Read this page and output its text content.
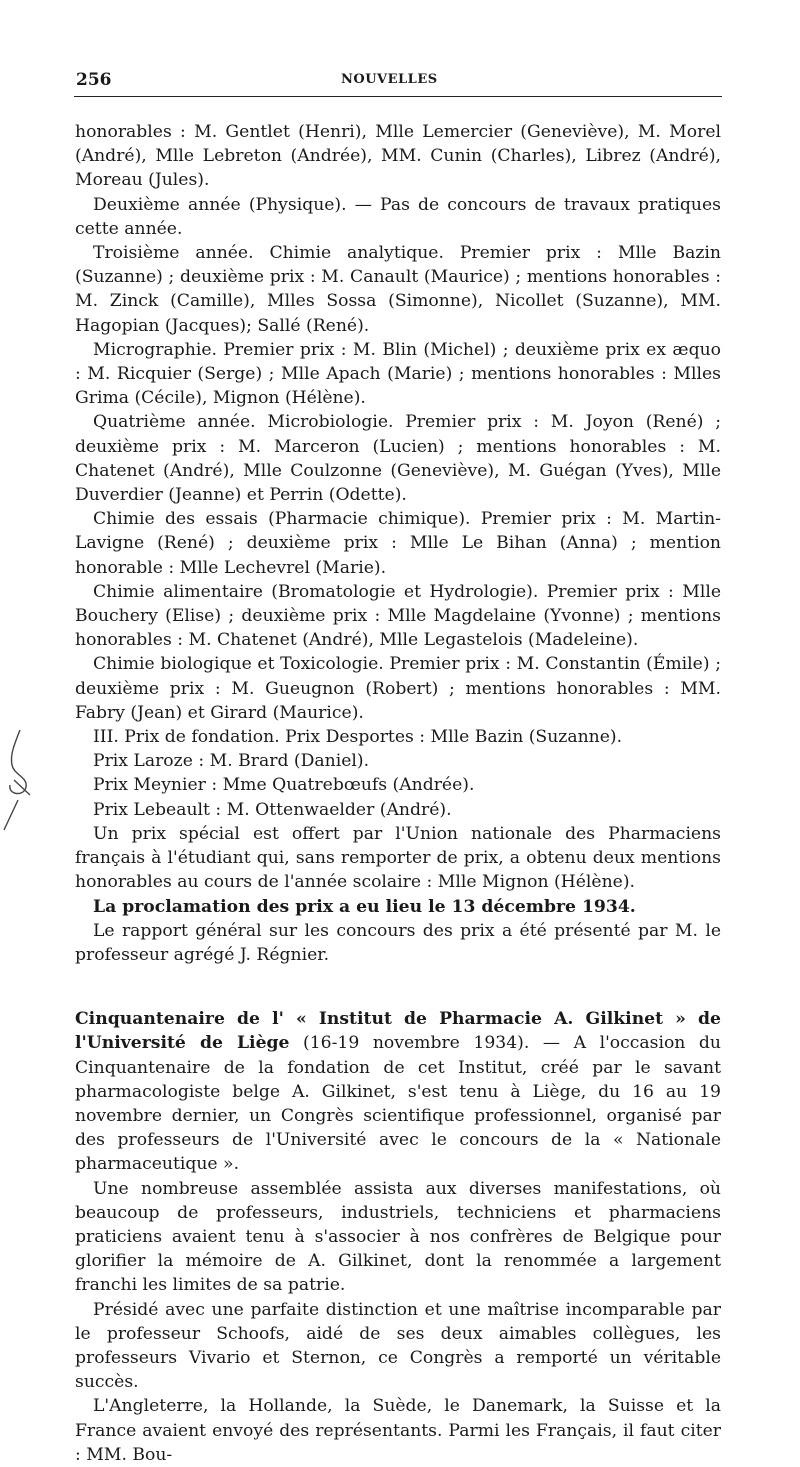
256	NOUVELLES

honorables : M. Gentlet (Henri), Mlle Lemercier (Geneviève), M. Morel (André), Mlle Lebreton (Andrée), MM. Cunin (Charles), Librez (André), Moreau (Jules).

Deuxième année (Physique). — Pas de concours de travaux pratiques cette année.

Troisième année. Chimie analytique. Premier prix : Mlle Bazin (Suzanne) ; deuxième prix : M. Canault (Maurice) ; mentions honorables : M. Zinck (Camille), Mlles Sossa (Simonne), Nicollet (Suzanne), MM. Hagopian (Jacques); Sallé (René).

Micrographie. Premier prix : M. Blin (Michel) ; deuxième prix ex æquo : M. Ricquier (Serge) ; Mlle Apach (Marie) ; mentions honorables : Mlles Grima (Cécile), Mignon (Hélène).

Quatrième année. Microbiologie. Premier prix : M. Joyon (René) ; deuxième prix : M. Marceron (Lucien) ; mentions honorables : M. Chatenet (André), Mlle Coulzonne (Geneviève), M. Guégan (Yves), Mlle Duverdier (Jeanne) et Perrin (Odette).

Chimie des essais (Pharmacie chimique). Premier prix : M. Martin-Lavigne (René) ; deuxième prix : Mlle Le Bihan (Anna) ; mention honorable : Mlle Lechevrel (Marie).

Chimie alimentaire (Bromatologie et Hydrologie). Premier prix : Mlle Bouchery (Elise) ; deuxième prix : Mlle Magdelaine (Yvonne) ; mentions honorables : M. Chatenet (André), Mlle Legastelois (Madeleine).

Chimie biologique et Toxicologie. Premier prix : M. Constantin (Émile) ; deuxième prix : M. Gueugnon (Robert) ; mentions honorables : MM. Fabry (Jean) et Girard (Maurice).

III. Prix de fondation. Prix Desportes : Mlle Bazin (Suzanne).

Prix Laroze : M. Brard (Daniel).

Prix Meynier : Mme Quatrebœufs (Andrée).

Prix Lebeault : M. Ottenwaelder (André).

Un prix spécial est offert par l'Union nationale des Pharmaciens français à l'étudiant qui, sans remporter de prix, a obtenu deux mentions honorables au cours de l'année scolaire : Mlle Mignon (Hélène).

La proclamation des prix a eu lieu le 13 décembre 1934.

Le rapport général sur les concours des prix a été présenté par M. le professeur agrégé J. Régnier.

Cinquantenaire de l' « Institut de Pharmacie A. Gilkinet » de l'Université de Liège (16-19 novembre 1934). — A l'occasion du Cinquantenaire de la fondation de cet Institut, créé par le savant pharmacologiste belge A. Gilkinet, s'est tenu à Liège, du 16 au 19 novembre dernier, un Congrès scientifique professionnel, organisé par des professeurs de l'Université avec le concours de la « Nationale pharmaceutique ».

Une nombreuse assemblée assista aux diverses manifestations, où beaucoup de professeurs, industriels, techniciens et pharmaciens praticiens avaient tenu à s'associer à nos confrères de Belgique pour glorifier la mémoire de A. Gilkinet, dont la renommée a largement franchi les limites de sa patrie.

Présidé avec une parfaite distinction et une maîtrise incomparable par le professeur Schoofs, aidé de ses deux aimables collègues, les professeurs Vivario et Sternon, ce Congrès a remporté un véritable succès.

L'Angleterre, la Hollande, la Suède, le Danemark, la Suisse et la France avaient envoyé des représentants. Parmi les Français, il faut citer : MM. Bou-
